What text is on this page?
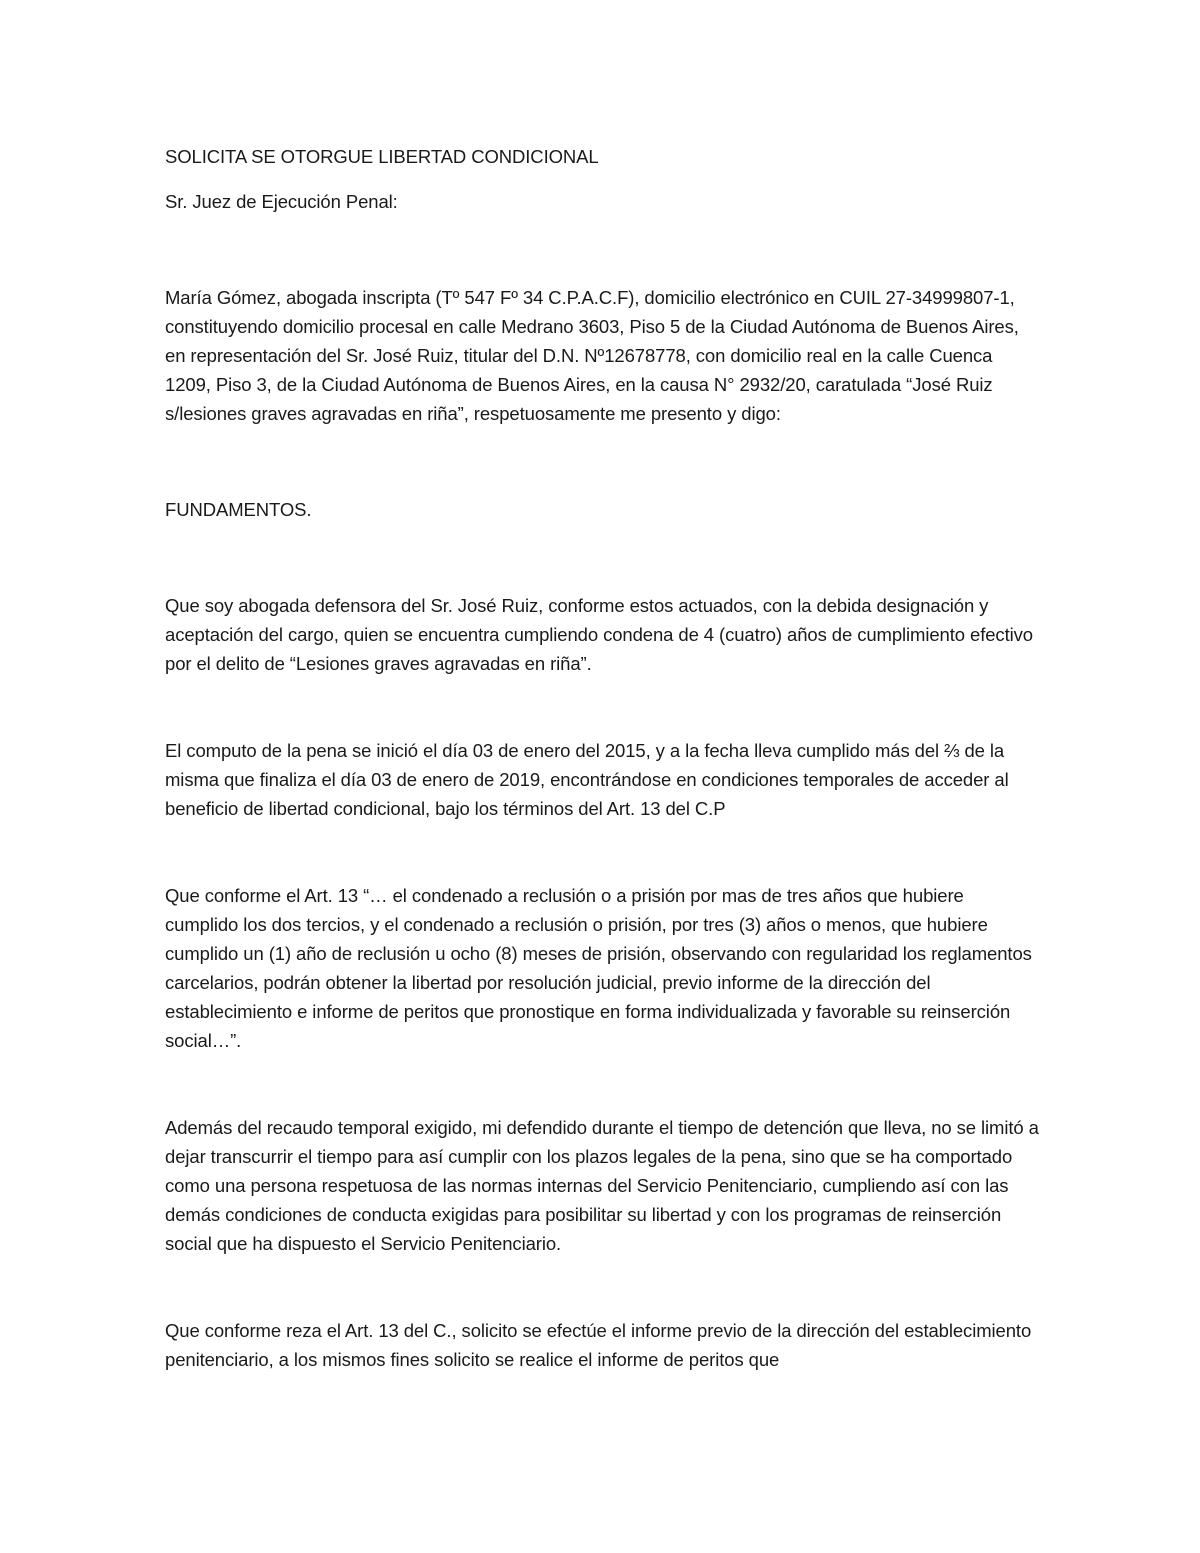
SOLICITA SE OTORGUE LIBERTAD CONDICIONAL

Sr. Juez de Ejecución Penal:

María Gómez, abogada inscripta (Tº 547 Fº 34 C.P.A.C.F), domicilio electrónico en CUIL 27-34999807-1, constituyendo domicilio procesal en calle Medrano 3603, Piso 5 de la Ciudad Autónoma de Buenos Aires, en representación del Sr. José Ruiz, titular del D.N. Nº12678778, con domicilio real en la calle Cuenca 1209, Piso 3, de la Ciudad Autónoma de Buenos Aires, en la causa N° 2932/20, caratulada “José Ruiz s/lesiones graves agravadas en riña”, respetuosamente me presento y digo:

FUNDAMENTOS.

Que soy abogada defensora del Sr. José Ruiz, conforme estos actuados, con la debida designación y aceptación del cargo, quien se encuentra cumpliendo condena de 4 (cuatro) años de cumplimiento efectivo por el delito de “Lesiones graves agravadas en riña”.

El computo de la pena se inició el día 03 de enero del 2015, y a la fecha lleva cumplido más del ⅔ de la misma que finaliza el día 03 de enero de 2019, encontrándose en condiciones temporales de acceder al beneficio de libertad condicional, bajo los términos del Art. 13 del C.P

Que conforme el Art. 13 “… el condenado a reclusión o a prisión por mas de tres años que hubiere cumplido los dos tercios, y el condenado a reclusión o prisión, por tres (3) años o menos, que hubiere cumplido un (1) año de reclusión u ocho (8) meses de prisión, observando con regularidad los reglamentos carcelarios, podrán obtener la libertad por resolución judicial, previo informe de la dirección del establecimiento e informe de peritos que pronostique en forma individualizada y favorable su reinserción social…”.

Además del recaudo temporal exigido, mi defendido durante el tiempo de detención que lleva, no se limitó a dejar transcurrir el tiempo para así cumplir con los plazos legales de la pena, sino que se ha comportado como una persona respetuosa de las normas internas del Servicio Penitenciario, cumpliendo así con las demás condiciones de conducta exigidas para posibilitar su libertad y con los programas de reinserción social que ha dispuesto el Servicio Penitenciario.

Que conforme reza el Art. 13 del C., solicito se efectúe el informe previo de la dirección del establecimiento penitenciario, a los mismos fines solicito se realice el informe de peritos que
